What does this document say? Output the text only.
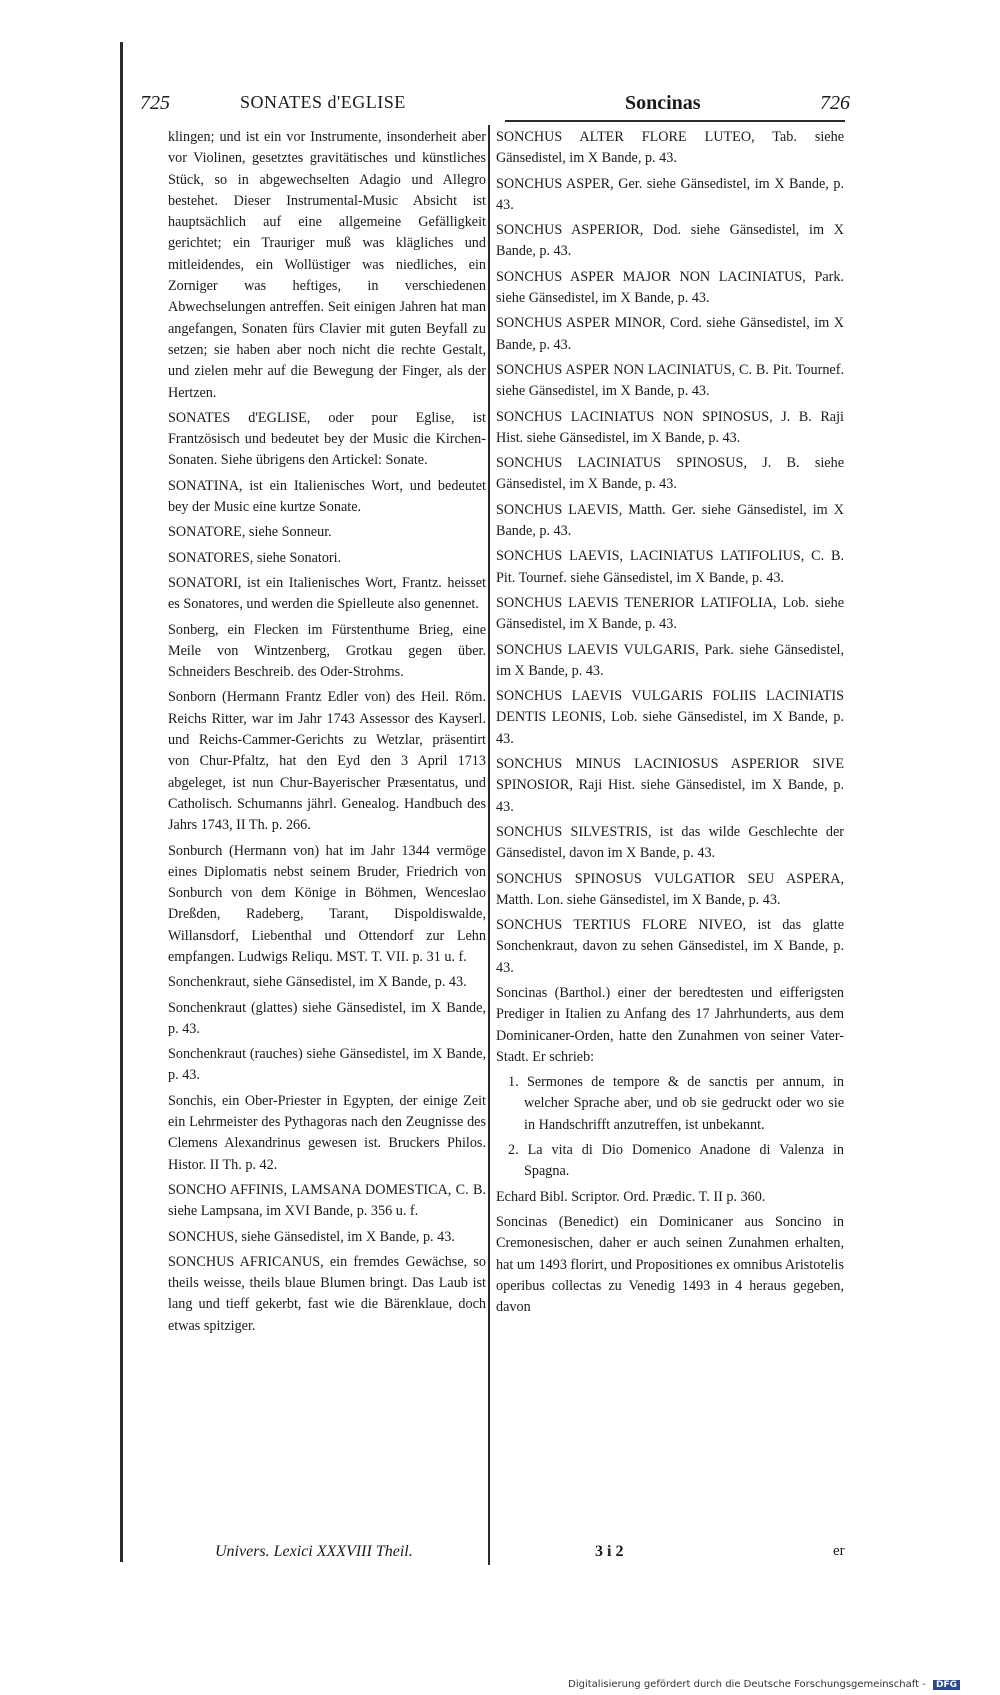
725	SONATES d'EGLISE	Soncinas	726

klingen; und ist ein vor Instrumente, insonderheit aber vor Violinen, gesetztes gravitätisches und künstliches Stück, so in abgewechselten Adagio und Allegro bestehet. Dieser Instrumental-Music Absicht ist hauptsächlich auf eine allgemeine Gefälligkeit gerichtet; ein Trauriger muß was klägliches und mitleidendes, ein Wollüstiger was niedliches, ein Zorniger was heftiges, in verschiedenen Abwechselungen antreffen. Seit einigen Jahren hat man angefangen, Sonaten fürs Clavier mit guten Beyfall zu setzen; sie haben aber noch nicht die rechte Gestalt, und zielen mehr auf die Bewegung der Finger, als der Hertzen.

SONATES d'EGLISE, oder pour Eglise, ist Frantzösisch und bedeutet bey der Music die Kirchen-Sonaten. Siehe übrigens den Artickel: Sonate.

SONATINA, ist ein Italienisches Wort, und bedeutet bey der Music eine kurtze Sonate.

SONATORE, siehe Sonneur.

SONATORES, siehe Sonatori.

SONATORI, ist ein Italienisches Wort, Frantz. heisset es Sonatores, und werden die Spielleute also genennet.

Sonberg, ein Flecken im Fürstenthume Brieg, eine Meile von Wintzenberg, Grotkau gegen über. Schneiders Beschreib. des Oder-Strohms.

Sonborn (Hermann Frantz Edler von) des Heil. Röm. Reichs Ritter, war im Jahr 1743 Assessor des Kayserl. und Reichs-Cammer-Gerichts zu Wetzlar, präsentirt von Chur-Pfaltz, hat den Eyd den 3 April 1713 abgeleget, ist nun Chur-Bayerischer Præsentatus, und Catholisch. Schumanns jährl. Genealog. Handbuch des Jahrs 1743, II Th. p. 266.

Sonburch (Hermann von) hat im Jahr 1344 vermöge eines Diplomatis nebst seinem Bruder, Friedrich von Sonburch von dem Könige in Böhmen, Wenceslao Dreßden, Radeberg, Tarant, Dispoldiswalde, Willansdorf, Liebenthal und Ottendorf zur Lehn empfangen. Ludwigs Reliqu. MST. T. VII. p. 31 u. f.

Sonchenkraut, siehe Gänsedistel, im X Bande, p. 43.

Sonchenkraut (glattes) siehe Gänsedistel, im X Bande, p. 43.

Sonchenkraut (rauches) siehe Gänsedistel, im X Bande, p. 43.

Sonchis, ein Ober-Priester in Egypten, der einige Zeit ein Lehrmeister des Pythagoras nach den Zeugnisse des Clemens Alexandrinus gewesen ist. Bruckers Philos. Histor. II Th. p. 42.

SONCHO AFFINIS, LAMSANA DOMESTICA, C. B. siehe Lampsana, im XVI Bande, p. 356 u. f.

SONCHUS, siehe Gänsedistel, im X Bande, p. 43.

SONCHUS AFRICANUS, ein fremdes Gewächse, so theils weisse, theils blaue Blumen bringt. Das Laub ist lang und tieff gekerbt, fast wie die Bärenklaue, doch etwas spitziger.

SONCHUS ALTER FLORE LUTEO, Tab. siehe Gänsedistel, im X Bande, p. 43.

SONCHUS ASPER, Ger. siehe Gänsedistel, im X Bande, p. 43.

SONCHUS ASPERIOR, Dod. siehe Gänsedistel, im X Bande, p. 43.

SONCHUS ASPER MAJOR NON LACINIATUS, Park. siehe Gänsedistel, im X Bande, p. 43.

SONCHUS ASPER MINOR, Cord. siehe Gänsedistel, im X Bande, p. 43.

SONCHUS ASPER NON LACINIATUS, C. B. Pit. Tournef. siehe Gänsedistel, im X Bande, p. 43.

SONCHUS LACINIATUS NON SPINOSUS, J. B. Raji Hist. siehe Gänsedistel, im X Bande, p. 43.

SONCHUS LACINIATUS SPINOSUS, J. B. siehe Gänsedistel, im X Bande, p. 43.

SONCHUS LAEVIS, Matth. Ger. siehe Gänsedistel, im X Bande, p. 43.

SONCHUS LAEVIS, LACINIATUS LATIFOLIUS, C. B. Pit. Tournef. siehe Gänsedistel, im X Bande, p. 43.

SONCHUS LAEVIS TENERIOR LATIFOLIA, Lob. siehe Gänsedistel, im X Bande, p. 43.

SONCHUS LAEVIS VULGARIS, Park. siehe Gänsedistel, im X Bande, p. 43.

SONCHUS LAEVIS VULGARIS FOLIIS LACINIATIS DENTIS LEONIS, Lob. siehe Gänsedistel, im X Bande, p. 43.

SONCHUS MINUS LACINIOSUS ASPERIOR SIVE SPINOSIOR, Raji Hist. siehe Gänsedistel, im X Bande, p. 43.

SONCHUS SILVESTRIS, ist das wilde Geschlechte der Gänsedistel, davon im X Bande, p. 43.

SONCHUS SPINOSUS VULGATIOR SEU ASPERA, Matth. Lon. siehe Gänsedistel, im X Bande, p. 43.

SONCHUS TERTIUS FLORE NIVEO, ist das glatte Sonchenkraut, davon zu sehen Gänsedistel, im X Bande, p. 43.

Soncinas (Barthol.) einer der beredtesten und eifferigsten Prediger in Italien zu Anfang des 17 Jahrhunderts, aus dem Dominicaner-Orden, hatte den Zunahmen von seiner Vater-Stadt. Er schrieb:

1. Sermones de tempore & de sanctis per annum, in welcher Sprache aber, und ob sie gedruckt oder wo sie in Handschrifft anzutreffen, ist unbekannt.

2. La vita di Dio Domenico Anadone di Valenza in Spagna.

Echard Bibl. Scriptor. Ord. Prædic. T. II p. 360.

Soncinas (Benedict) ein Dominicaner aus Soncino in Cremonesischen, daher er auch seinen Zunahmen erhalten, hat um 1493 florirt, und Propositiones ex omnibus Aristotelis operibus collectas zu Venedig 1493 in 4 heraus gegeben, davon

Univers. Lexici XXXVIII Theil.	3 i 2	er
Digitalisierung gefördert durch die Deutsche Forschungsgemeinschaft - DFG
